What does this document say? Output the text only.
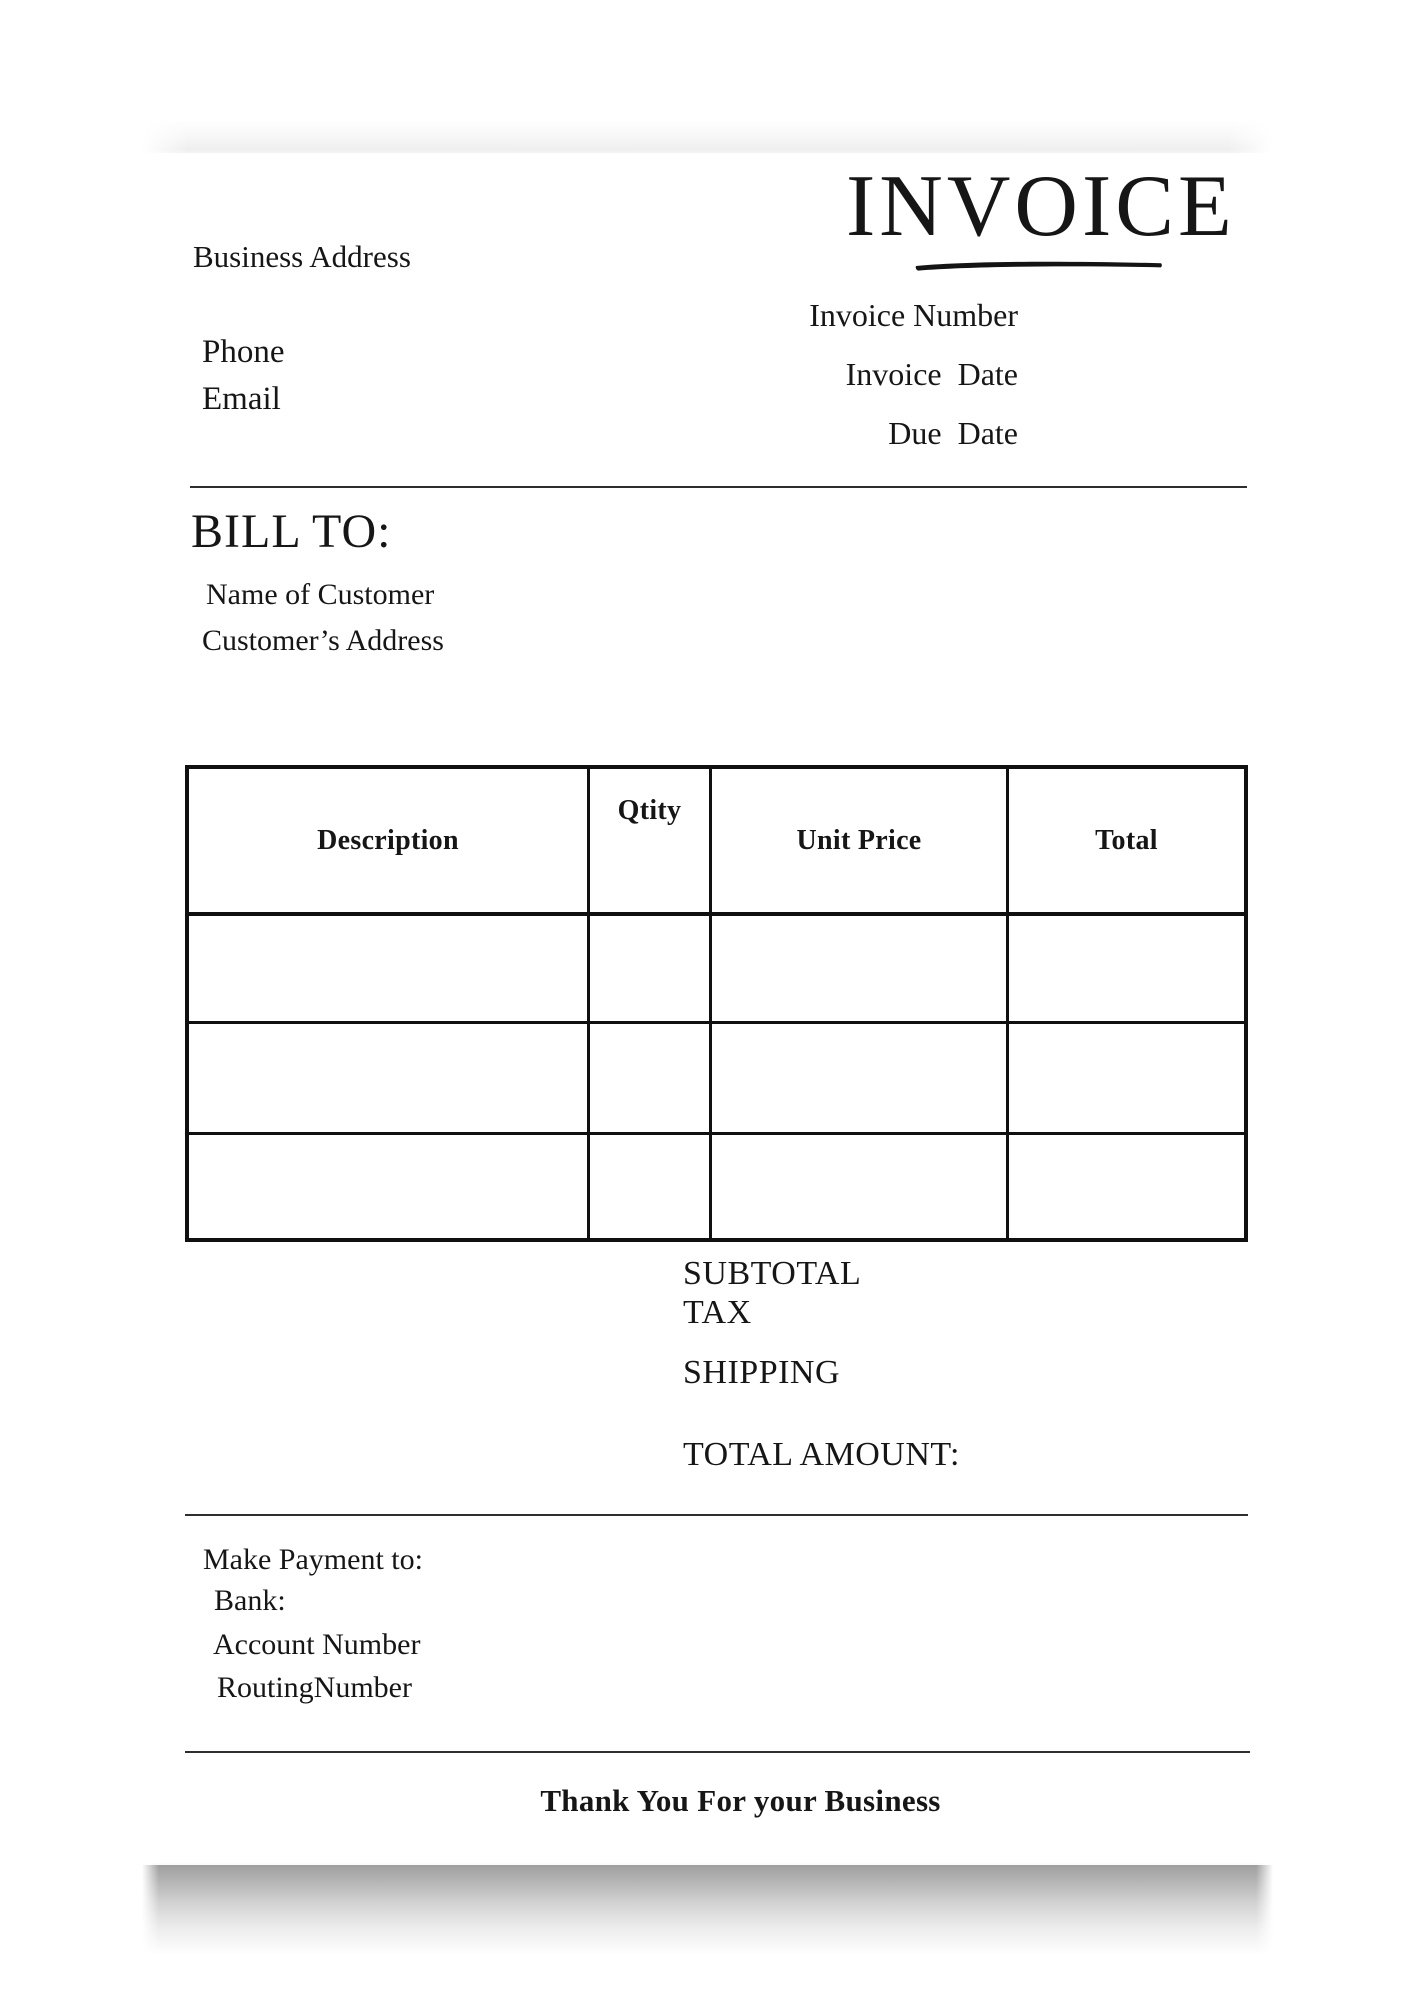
Business Address
Phone
Email
INVOICE
Invoice Number
Invoice  Date
Due  Date
BILL TO:
Name of Customer
Customer’s Address
Description
Qtity
Unit Price	Total
SUBTOTAL
TAX
SHIPPING
TOTAL AMOUNT:
Make Payment to:
Bank:
Account Number
RoutingNumber
Thank You For your Business
